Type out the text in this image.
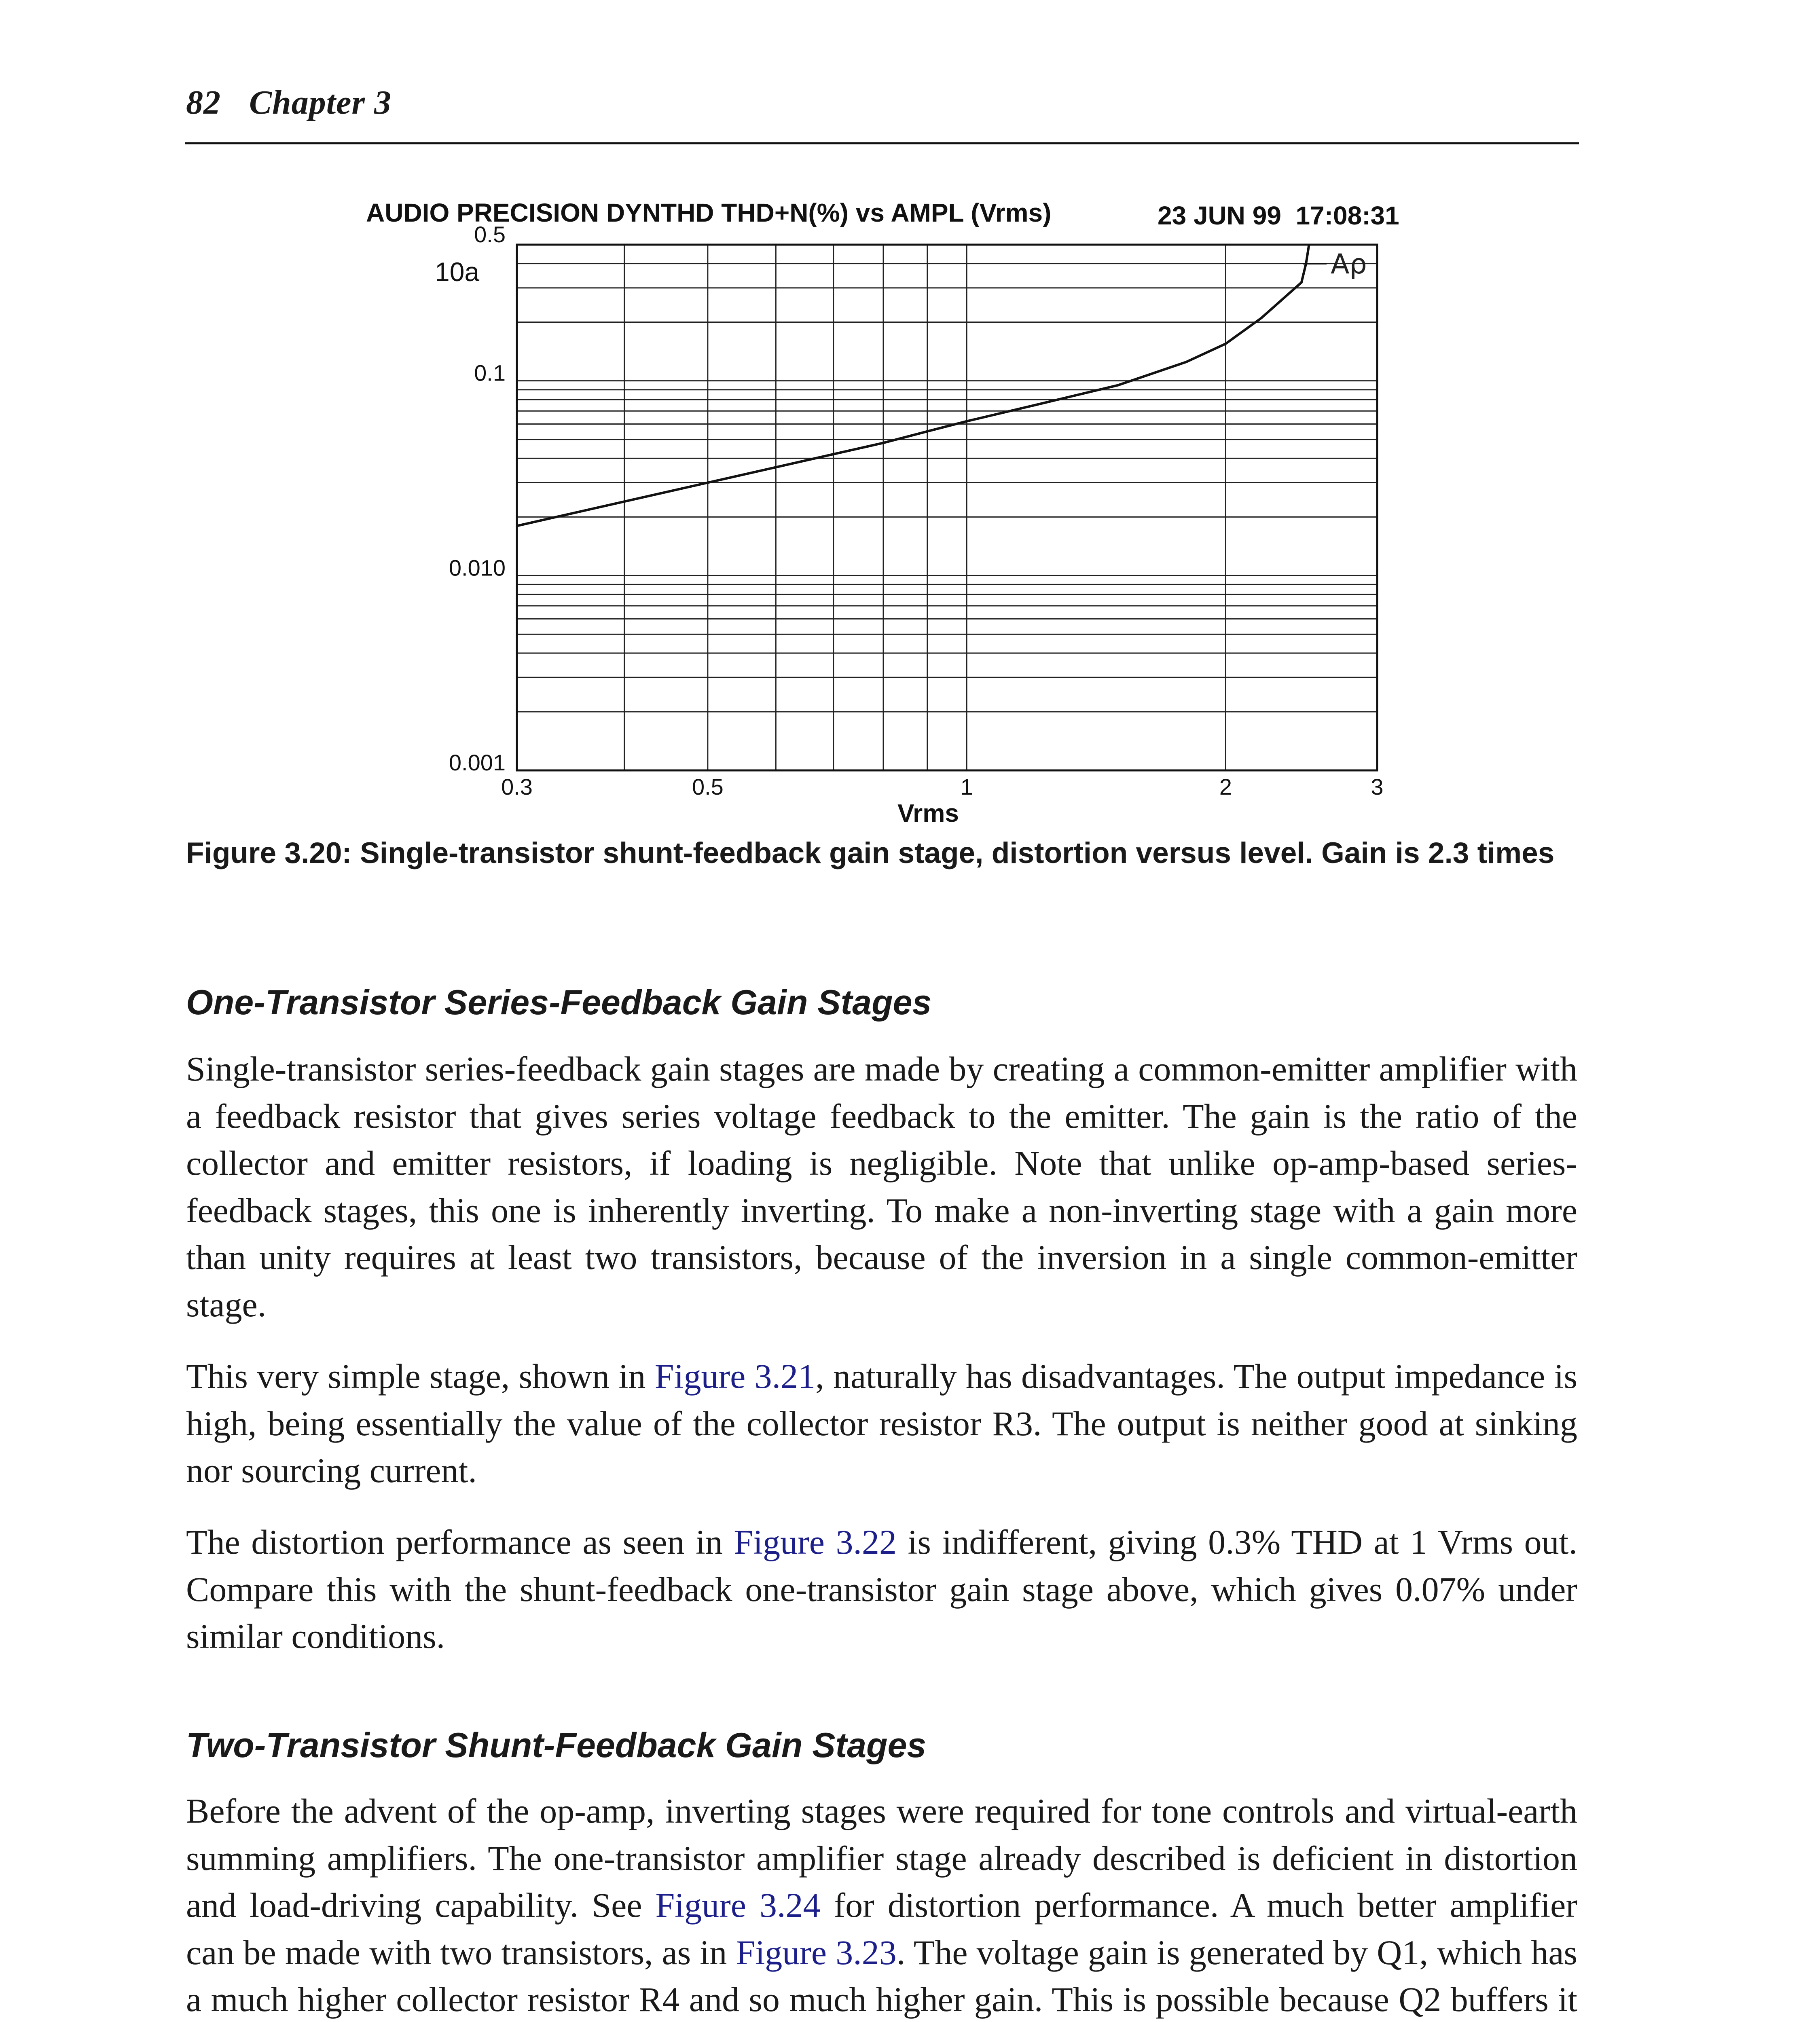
82 Chapter 3
AUDIO PRECISION DYNTHD THD+N(%) vs AMPL (Vrms)	23 JUN 99  17:08:31
10a
0.3	0.5	1	2	3
0.5
0.1
0.010
0.001
Aρ
Vrms
Figure 3.20: Single-transistor shunt-feedback gain stage, distortion versus level. Gain is 2.3 times
One-Transistor Series-Feedback Gain Stages

Single-transistor series-feedback gain stages are made by creating a common-emitter amplifier with a feedback resistor that gives series voltage feedback to the emitter. The gain is the ratio of the collector and emitter resistors, if loading is negligible. Note that unlike op-amp-based series-feedback stages, this one is inherently inverting. To make a non-inverting stage with a gain more than unity requires at least two transistors, because of the inversion in a single common-emitter stage.

This very simple stage, shown in Figure 3.21, naturally has disadvantages. The output impedance is high, being essentially the value of the collector resistor R3. The output is neither good at sinking nor sourcing current.

The distortion performance as seen in Figure 3.22 is indifferent, giving 0.3% THD at 1 Vrms out. Compare this with the shunt-feedback one-transistor gain stage above, which gives 0.07% under similar conditions.

Two-Transistor Shunt-Feedback Gain Stages

Before the advent of the op-amp, inverting stages were required for tone controls and virtual-earth summing amplifiers. The one-transistor amplifier stage already described is deficient in distortion and load-driving capability. See Figure 3.24 for distortion performance. A much better amplifier can be made with two transistors, as in Figure 3.23. The voltage gain is generated by Q1, which has a much higher collector resistor R4 and so much higher gain. This is possible because Q2 buffers it
